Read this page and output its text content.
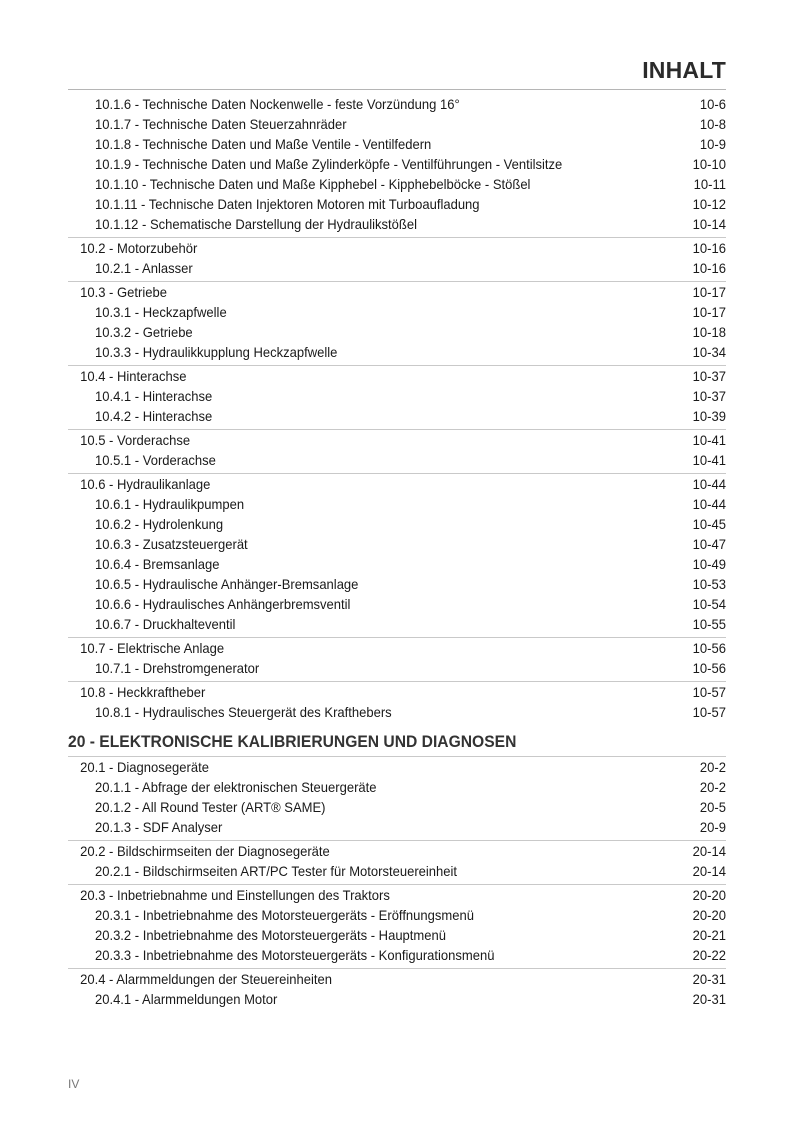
INHALT
10.1.6 - Technische Daten Nockenwelle - feste Vorzündung 16°	10-6
10.1.7 - Technische Daten Steuerzahnräder	10-8
10.1.8 - Technische Daten und Maße Ventile - Ventilfedern	10-9
10.1.9 - Technische Daten und Maße Zylinderköpfe - Ventilführungen - Ventilsitze	10-10
10.1.10 - Technische Daten und Maße Kipphebel - Kipphebelböcke - Stößel	10-11
10.1.11 - Technische Daten Injektoren Motoren mit Turboaufladung	10-12
10.1.12 - Schematische Darstellung der Hydraulikstößel	10-14
10.2 - Motorzubehör	10-16
10.2.1 - Anlasser	10-16
10.3 - Getriebe	10-17
10.3.1 - Heckzapfwelle	10-17
10.3.2 - Getriebe	10-18
10.3.3 - Hydraulikkupplung Heckzapfwelle	10-34
10.4 - Hinterachse	10-37
10.4.1 - Hinterachse	10-37
10.4.2 - Hinterachse	10-39
10.5 - Vorderachse	10-41
10.5.1 - Vorderachse	10-41
10.6 - Hydraulikanlage	10-44
10.6.1 - Hydraulikpumpen	10-44
10.6.2 - Hydrolenkung	10-45
10.6.3 - Zusatzsteuergerät	10-47
10.6.4 - Bremsanlage	10-49
10.6.5 - Hydraulische Anhänger-Bremsanlage	10-53
10.6.6 - Hydraulisches Anhängerbremsventil	10-54
10.6.7 - Druckhalteventil	10-55
10.7 - Elektrische Anlage	10-56
10.7.1 - Drehstromgenerator	10-56
10.8 - Heckkraftheber	10-57
10.8.1 - Hydraulisches Steuergerät des Krafthebers	10-57
20 - ELEKTRONISCHE KALIBRIERUNGEN UND DIAGNOSEN
20.1 - Diagnosegeräte	20-2
20.1.1 - Abfrage der elektronischen Steuergeräte	20-2
20.1.2 - All Round Tester (ART® SAME)	20-5
20.1.3 - SDF Analyser	20-9
20.2 - Bildschirmseiten der Diagnosegeräte	20-14
20.2.1 - Bildschirmseiten ART/PC Tester für Motorsteuereinheit	20-14
20.3 - Inbetriebnahme und Einstellungen des Traktors	20-20
20.3.1 - Inbetriebnahme des Motorsteuergeräts - Eröffnungsmenü	20-20
20.3.2 - Inbetriebnahme des Motorsteuergeräts - Hauptmenü	20-21
20.3.3 - Inbetriebnahme des Motorsteuergeräts - Konfigurationsmenü	20-22
20.4 - Alarmmeldungen der Steuereinheiten	20-31
20.4.1 - Alarmmeldungen Motor	20-31
IV
